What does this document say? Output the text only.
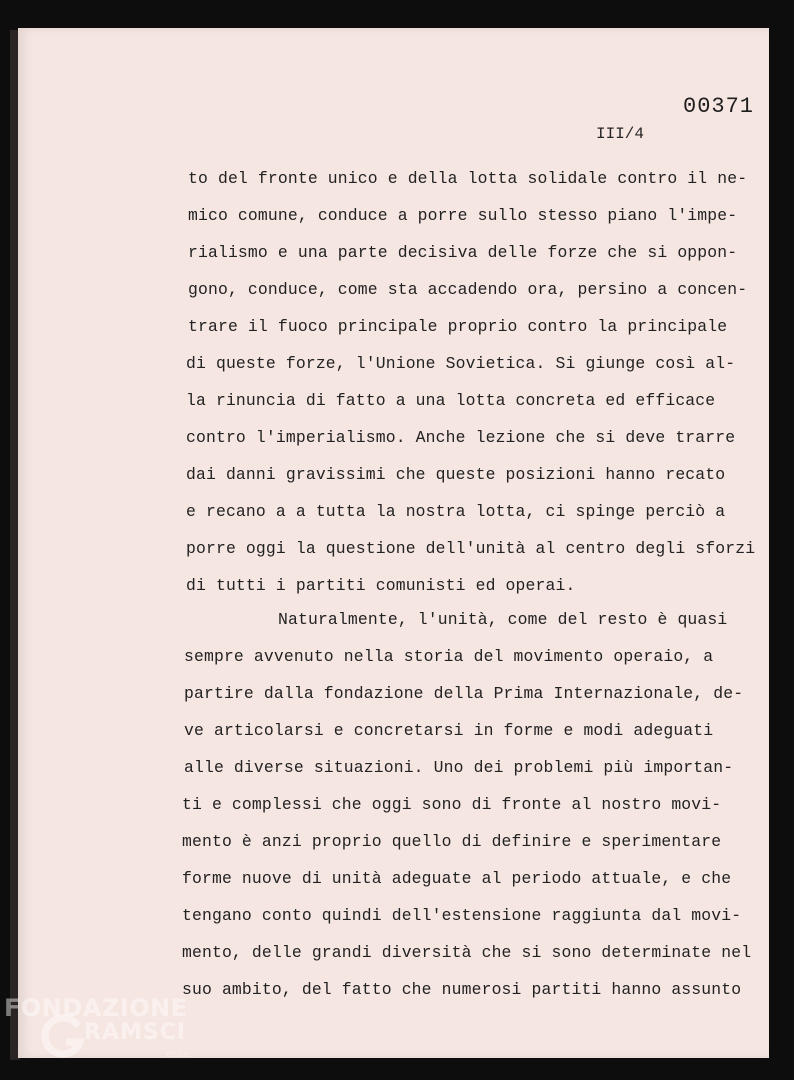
00371
III/4
to del fronte unico e della lotta solidale contro il ne-
mico comune, conduce a porre sullo stesso piano l'impe-
rialismo e una parte decisiva delle forze che si oppon-
gono, conduce, come sta accadendo ora, persino a concen-
trare il fuoco principale proprio contro la principale
di queste forze, l'Unione Sovietica. Si giunge così al-
la rinuncia di fatto a una lotta concreta ed efficace
contro l'imperialismo. Anche lezione che si deve trarre
dai danni gravissimi che queste posizioni hanno recato
e recano a a tutta la nostra lotta, ci spinge perciò a
porre oggi la questione dell'unità al centro degli sforzi
di tutti i partiti comunisti ed operai.
Naturalmente, l'unità, come del resto è quasi
sempre avvenuto nella storia del movimento operaio, a
partire dalla fondazione della Prima Internazionale, de-
ve articolarsi e concretarsi in forme e modi adeguati
alle diverse situazioni. Uno dei problemi più importan-
ti e complessi che oggi sono di fronte al nostro movi-
mento è anzi proprio quello di definire e sperimentare
forme nuove di unità adeguate al periodo attuale, e che
tengano conto quindi dell'estensione raggiunta dal movi-
mento, delle grandi diversità che si sono determinate nel
suo ambito, del fatto che numerosi partiti hanno assunto
FONDAZIONE
RAMSCI
onlus
